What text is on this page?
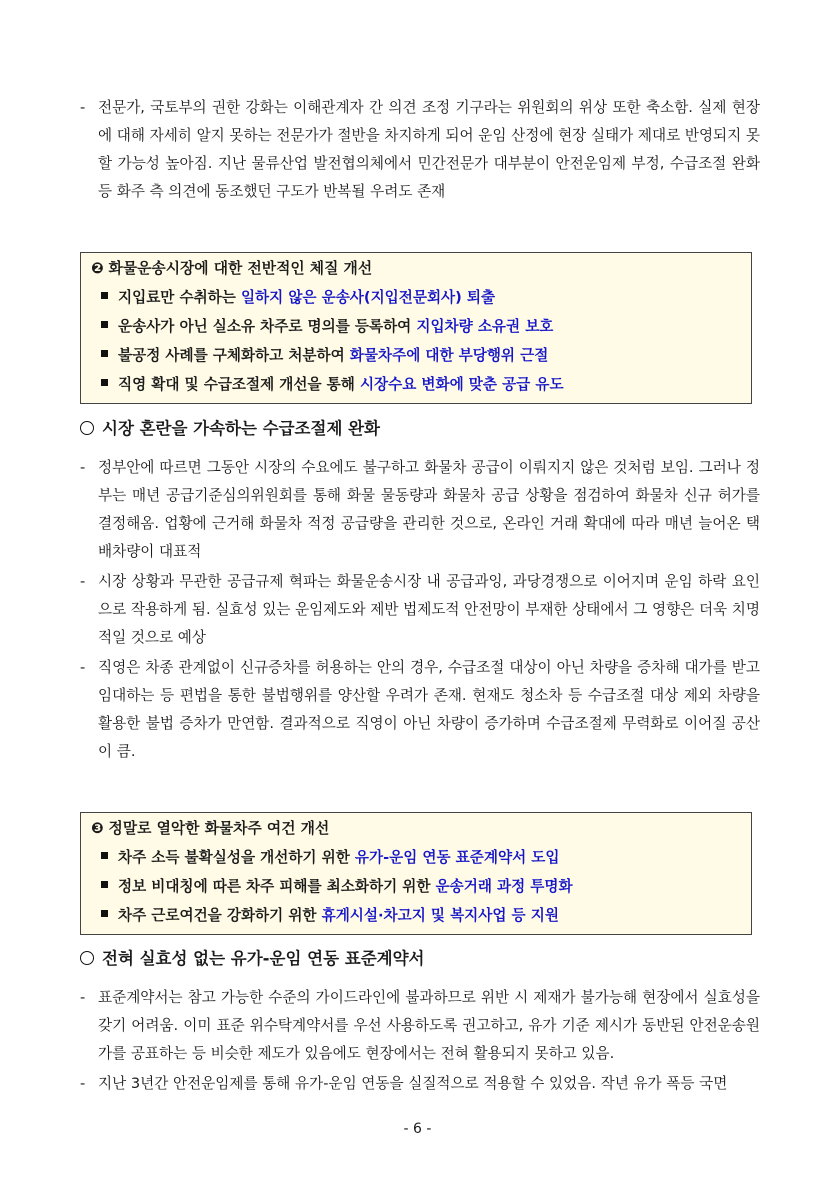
- 전문가, 국토부의 권한 강화는 이해관계자 간 의견 조정 기구라는 위원회의 위상 또한 축소함. 실제 현장에 대해 자세히 알지 못하는 전문가가 절반을 차지하게 되어 운임 산정에 현장 실태가 제대로 반영되지 못할 가능성 높아짐. 지난 물류산업 발전협의체에서 민간전문가 대부분이 안전운임제 부정, 수급조절 완화 등 화주 측 의견에 동조했던 구도가 반복될 우려도 존재
❷ 화물운송시장에 대한 전반적인 체질 개선
지입료만 수취하는 일하지 않은 운송사(지입전문회사) 퇴출
운송사가 아닌 실소유 차주로 명의를 등록하여 지입차량 소유권 보호
불공정 사례를 구체화하고 처분하여 화물차주에 대한 부당행위 근절
직영 확대 및 수급조절제 개선을 통해 시장수요 변화에 맞춘 공급 유도
시장 혼란을 가속하는 수급조절제 완화
- 정부안에 따르면 그동안 시장의 수요에도 불구하고 화물차 공급이 이뤄지지 않은 것처럼 보임. 그러나 정부는 매년 공급기준심의위원회를 통해 화물 물동량과 화물차 공급 상황을 점검하여 화물차 신규 허가를 결정해옴. 업황에 근거해 화물차 적정 공급량을 관리한 것으로, 온라인 거래 확대에 따라 매년 늘어온 택배차량이 대표적
- 시장 상황과 무관한 공급규제 혁파는 화물운송시장 내 공급과잉, 과당경쟁으로 이어지며 운임 하락 요인으로 작용하게 됨. 실효성 있는 운임제도와 제반 법제도적 안전망이 부재한 상태에서 그 영향은 더욱 치명적일 것으로 예상
- 직영은 차종 관계없이 신규증차를 허용하는 안의 경우, 수급조절 대상이 아닌 차량을 증차해 대가를 받고 임대하는 등 편법을 통한 불법행위를 양산할 우려가 존재. 현재도 청소차 등 수급조절 대상 제외 차량을 활용한 불법 증차가 만연함. 결과적으로 직영이 아닌 차량이 증가하며 수급조절제 무력화로 이어질 공산이 큼.
❸ 정말로 열악한 화물차주 여건 개선
차주 소득 불확실성을 개선하기 위한 유가-운임 연동 표준계약서 도입
정보 비대칭에 따른 차주 피해를 최소화하기 위한 운송거래 과정 투명화
차주 근로여건을 강화하기 위한 휴게시설·차고지 및 복지사업 등 지원
전혀 실효성 없는 유가-운임 연동 표준계약서
- 표준계약서는 참고 가능한 수준의 가이드라인에 불과하므로 위반 시 제재가 불가능해 현장에서 실효성을 갖기 어려움. 이미 표준 위수탁계약서를 우선 사용하도록 권고하고, 유가 기준 제시가 동반된 안전운송원가를 공표하는 등 비슷한 제도가 있음에도 현장에서는 전혀 활용되지 못하고 있음.
- 지난 3년간 안전운임제를 통해 유가-운임 연동을 실질적으로 적용할 수 있었음. 작년 유가 폭등 국면
- 6 -
